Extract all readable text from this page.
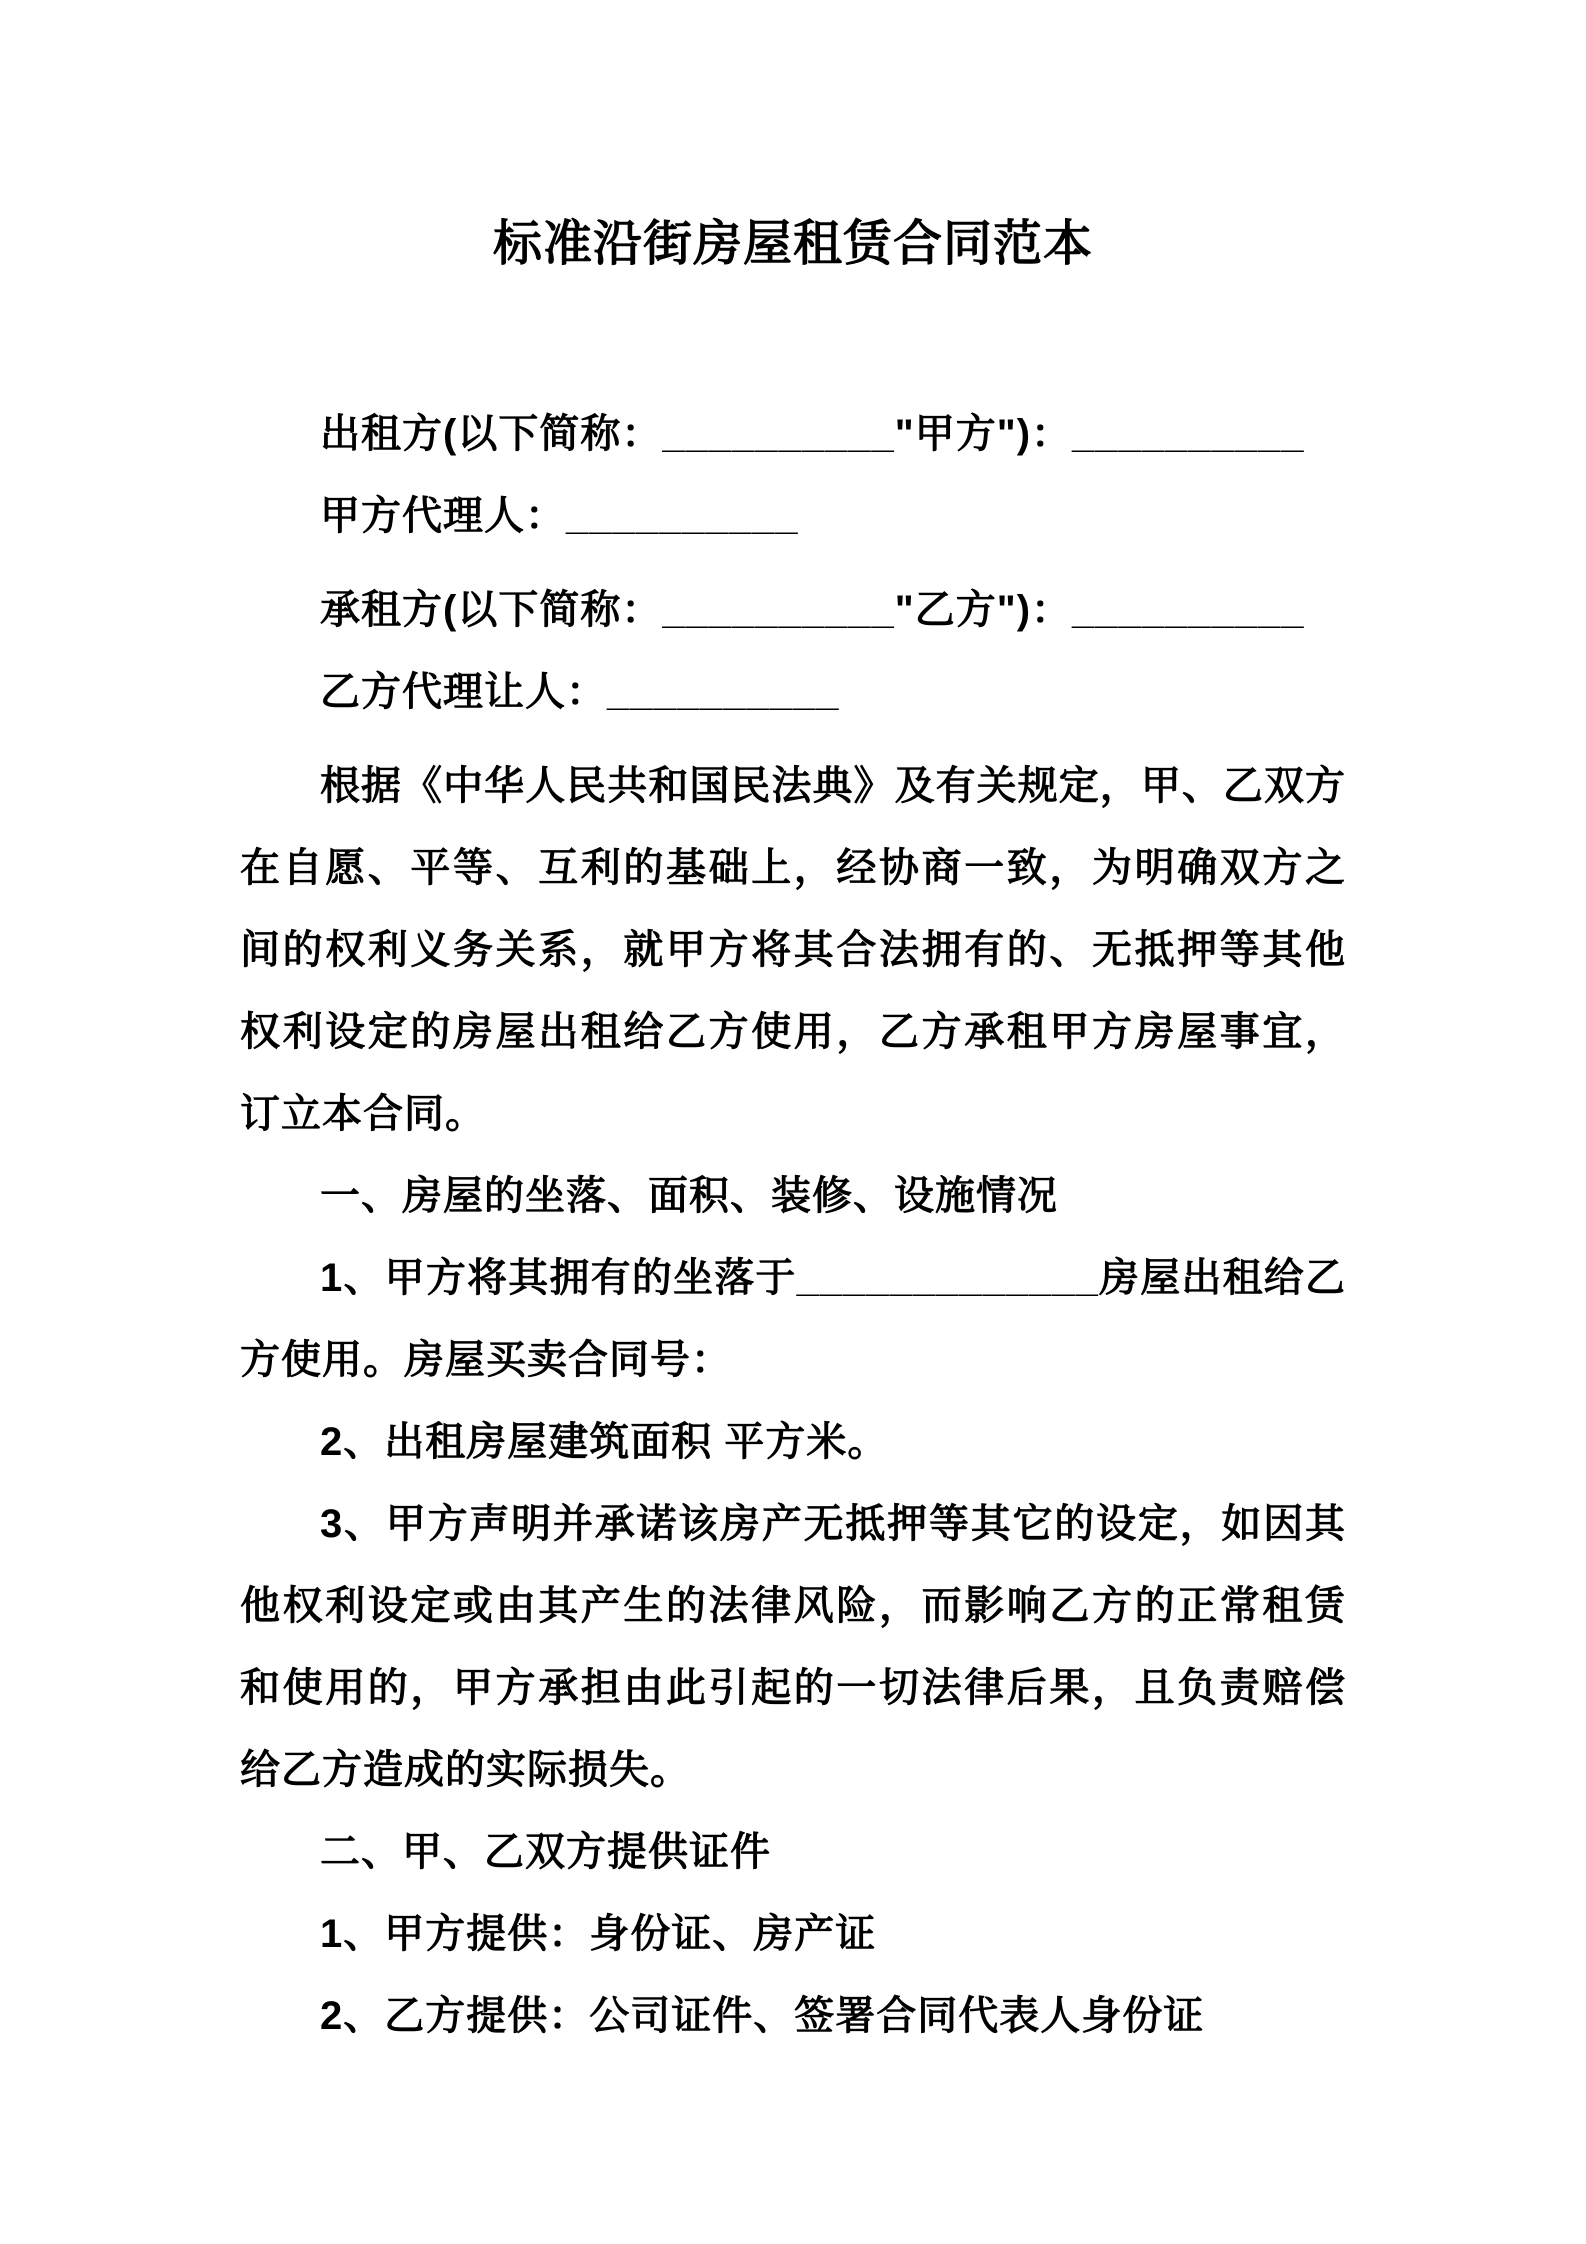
标准沿街房屋租赁合同范本

出租方(以下简称：__________"甲方")：__________

甲方代理人：__________

承租方(以下简称：__________"乙方")：__________

乙方代理让人：__________

根据《中华人民共和国民法典》及有关规定，甲、乙双方在自愿、平等、互利的基础上，经协商一致，为明确双方之间的权利义务关系，就甲方将其合法拥有的、无抵押等其他权利设定的房屋出租给乙方使用，乙方承租甲方房屋事宜，订立本合同。

一、房屋的坐落、面积、装修、设施情况

1、甲方将其拥有的坐落于_____________房屋出租给乙方使用。房屋买卖合同号：

2、出租房屋建筑面积 平方米。

3、甲方声明并承诺该房产无抵押等其它的设定，如因其他权利设定或由其产生的法律风险，而影响乙方的正常租赁和使用的，甲方承担由此引起的一切法律后果，且负责赔偿给乙方造成的实际损失。

二、甲、乙双方提供证件

1、甲方提供：身份证、房产证

2、乙方提供：公司证件、签署合同代表人身份证
